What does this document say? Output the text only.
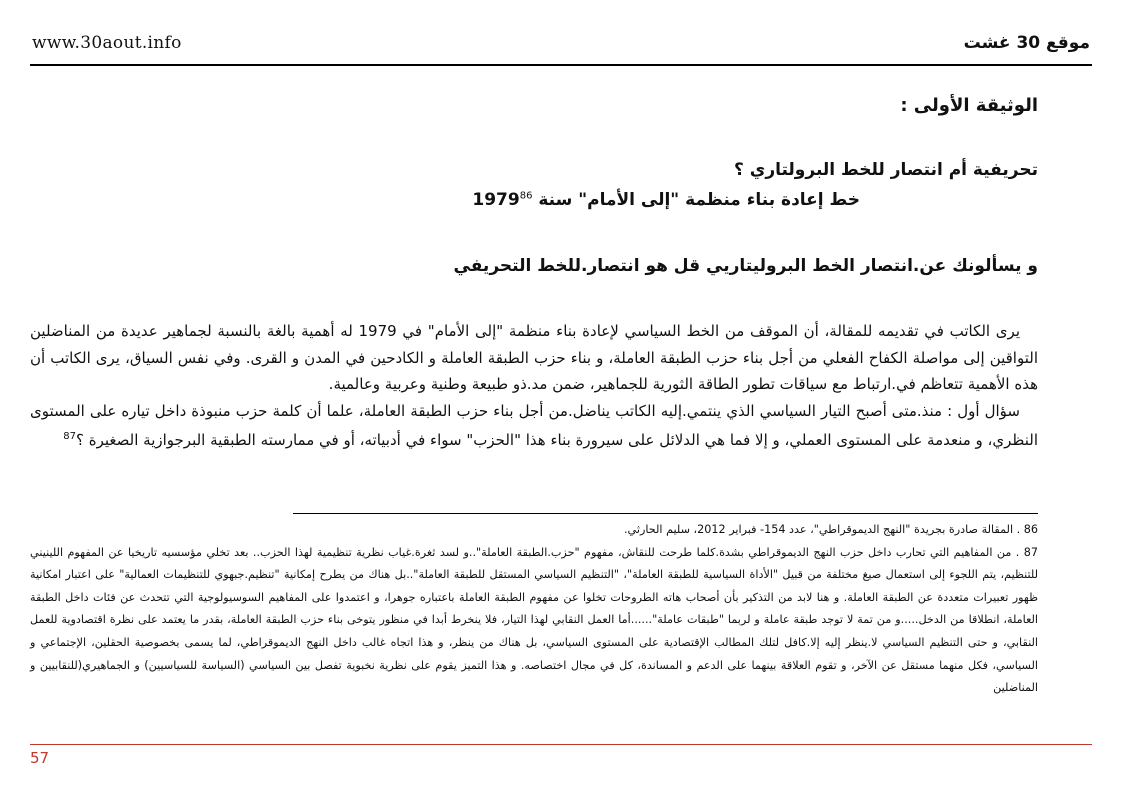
www.30aout.info	موقع 30 غشت
الوثيقة الأولى :
تحريفية أم انتصار للخط البرولتاري ؟
خط إعادة بناء منظمة "إلى الأمام" سنة 1979$^{86}$
و يسألونك عن.انتصار الخط البروليتاريي قل هو انتصار.للخط التحريفي

يرى الكاتب في تقديمه للمقالة، أن الموقف من الخط السياسي لإعادة بناء منظمة "إلى الأمام" في 1979 له أهمية بالغة بالنسبة لجماهير عديدة من المناضلين التواقين إلى مواصلة الكفاح الفعلي من أجل بناء حزب الطبقة العاملة، و بناء حزب الطبقة العاملة و الكادحين في المدن و القرى. وفي نفس السياق، يرى الكاتب أن هذه الأهمية تتعاظم في.ارتباط مع سياقات تطور الطاقة الثورية للجماهير، ضمن مد.ذو طبيعة وطنية وعربية وعالمية.

سؤال أول : منذ.متى أصبح التيار السياسي الذي ينتمي.إليه الكاتب يناضل.من أجل بناء حزب الطبقة العاملة، علما أن كلمة حزب منبوذة داخل تياره على المستوى النظري، و منعدمة على المستوى العملي، و إلا فما هي الدلائل على سيرورة بناء هذا "الحزب" سواء في أدبياته، أو في ممارسته الطبقية البرجوازية الصغيرة ؟$^{87}$

86 . المقالة صادرة بجريدة "النهج الديموقراطي"، عدد 154- فبراير 2012، سليم الحارثي.

87 . من المفاهيم التي تحارب داخل حزب النهج الديموقراطي بشدة.كلما طرحت للنقاش، مفهوم "حزب.الطبقة العاملة"..و لسد ثغرة.غياب نظرية تنظيمية لهذا الحزب.. بعد تخلي مؤسسيه تاريخيا عن المفهوم اللينيني للتنظيم، يتم اللجوء إلى استعمال صيغ مختلفة من قبيل "الأداة السياسية للطبقة العاملة"، "التنظيم السياسي المستقل للطبقة العاملة"..بل هناك من يطرح إمكانية "تنظيم.جبهوي للتنظيمات العمالية" على اعتبار امكانية ظهور تعبيرات متعددة عن الطبقة العاملة. و هنا لابد من التذكير بأن أصحاب هاته الطروحات تخلوا عن مفهوم الطبقة العاملة باعتباره جوهرا، و اعتمدوا على المفاهيم السوسيولوجية التي تتحدث عن فئات داخل الطبقة العاملة، انطلاقا من الدخل.....و من تمة لا توجد طبقة عاملة و لربما "طبقات عاملة"......أما العمل النقابي لهذا التيار، فلا ينخرط أبدا في منظور يتوخى بناء حزب الطبقة العاملة، بقدر ما يعتمد على نظرة اقتصادوية للعمل النقابي، و حتى التنظيم السياسي لا.ينظر إليه إلا.كافل لتلك المطالب الإقتصادية على المستوى السياسي، بل هناك من ينظر، و هذا اتجاه غالب داخل النهج الديموقراطي، لما يسمى بخصوصية الحقلين، الإجتماعي و السياسي، فكل منهما مستقل عن الآخر، و تقوم العلاقة بينهما على الدعم و المساندة، كل في مجال اختصاصه. و هذا التميز يقوم على نظرية نخبوية تفصل بين السياسي (السياسة للسياسيين) و الجماهيري(للنقابيين و المناضلين

57
